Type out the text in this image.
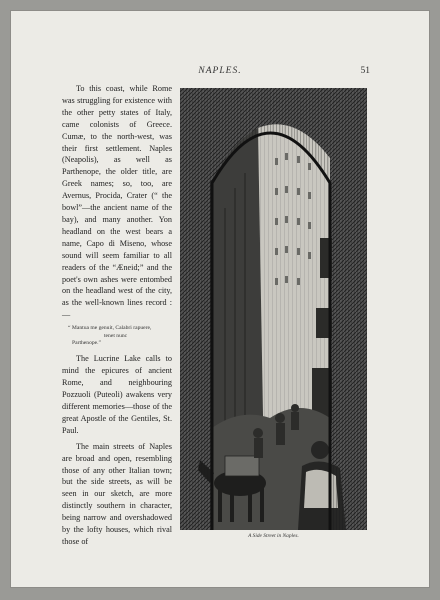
NAPLES.	51

To this coast, while Rome was struggling for existence with the other petty states of Italy, came colonists of Greece. Cumæ, to the north-west, was their first settlement. Naples (Neapolis), as well as Parthenope, the older title, are Greek names; so, too, are Avernus, Procida, Crater (“ the bowl”—the ancient name of the bay), and many another. Yon headland on the west bears a name, Capo di Miseno, whose sound will seem familiar to all readers of the “Æneid;” and the poet's own ashes were entombed on the headland west of the city, as the well-known lines record :—

“ Mantua me genuit, Calabri rapuere,
tenet nunc
Parthenope.”

The Lucrine Lake calls to mind the epicures of ancient Rome, and neighbouring Pozzuoli (Puteoli) awakens very different memories—those of the great Apostle of the Gentiles, St. Paul.

The main streets of Naples are broad and open, resembling those of any other Italian town; but the side streets, as will be seen in our sketch, are more distinctly southern in character, being narrow and overshadowed by the lofty houses, which rival those of

A Side Street in Naples.
